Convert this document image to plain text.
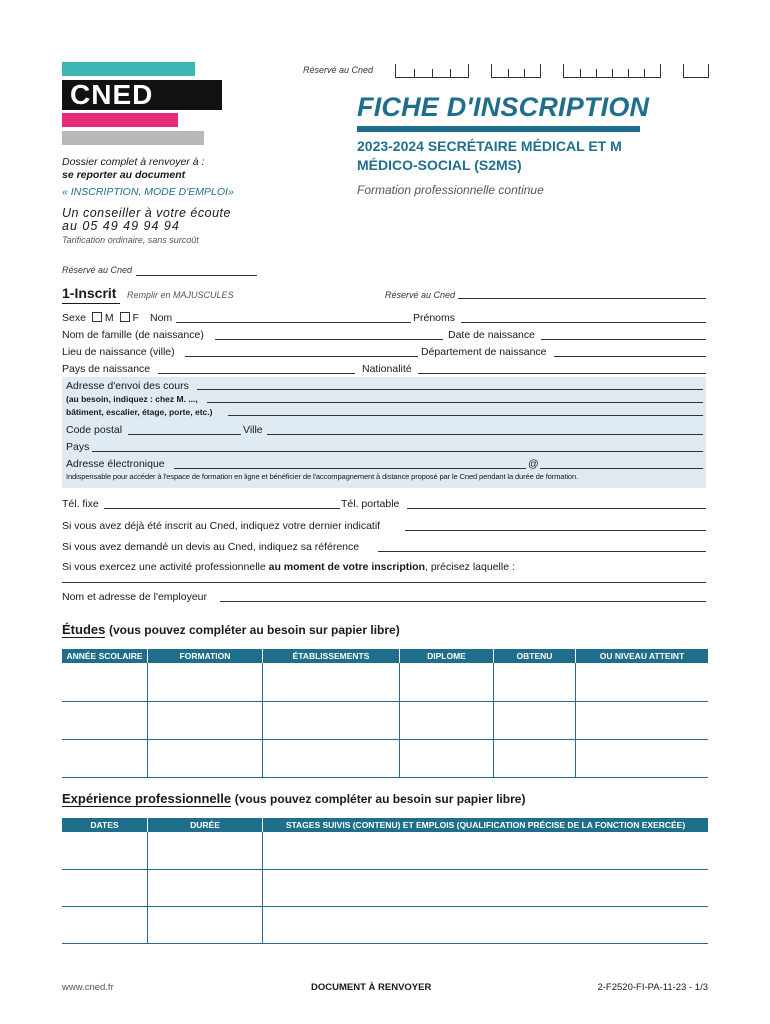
CNED
Réservé au Cned
FICHE D'INSCRIPTION
2023-2024 SECRÉTAIRE MÉDICAL ET M
MÉDICO-SOCIAL (S2MS)
Formation professionnelle continue
Dossier complet à renvoyer à :
se reporter au document
« INSCRIPTION, MODE D'EMPLOI»
Un conseiller à votre écoute
au 05 49 49 94 94
Tarification ordinaire, sans surcoût
Réservé au Cned
1-Inscrit Remplir en MAJUSCULES	Réservé au Cned
Sexe M F Nom	Prénoms
Nom de famille (de naissance)	Date de naissance
Lieu de naissance (ville)	Département de naissance
Pays de naissance	Nationalité
Adresse d'envoi des cours
(au besoin, indiquez : chez M. ...,
bâtiment, escalier, étage, porte, etc.)
Code postal	Ville
Pays
Adresse électronique	@
Indispensable pour accéder à l'espace de formation en ligne et bénéficier de l'accompagnement à distance proposé par le Cned pendant la durée de formation.
Tél. fixe	Tél. portable
Si vous avez déjà été inscrit au Cned, indiquez votre dernier indicatif
Si vous avez demandé un devis au Cned, indiquez sa référence
Si vous exercez une activité professionnelle au moment de votre inscription, précisez laquelle :
Nom et adresse de l'employeur
Études (vous pouvez compléter au besoin sur papier libre)
ANNÉE SCOLAIRE	FORMATION	ÉTABLISSEMENTS	DIPLOME	OBTENU	OU NIVEAU ATTEINT

Expérience professionnelle (vous pouvez compléter au besoin sur papier libre)
DATES	DURÉE	STAGES SUIVIS (CONTENU) ET EMPLOIS (QUALIFICATION PRÉCISE DE LA FONCTION EXERCÉE)

www.cned.fr	DOCUMENT À RENVOYER	2-F2520-FI-PA-11-23 - 1/3
